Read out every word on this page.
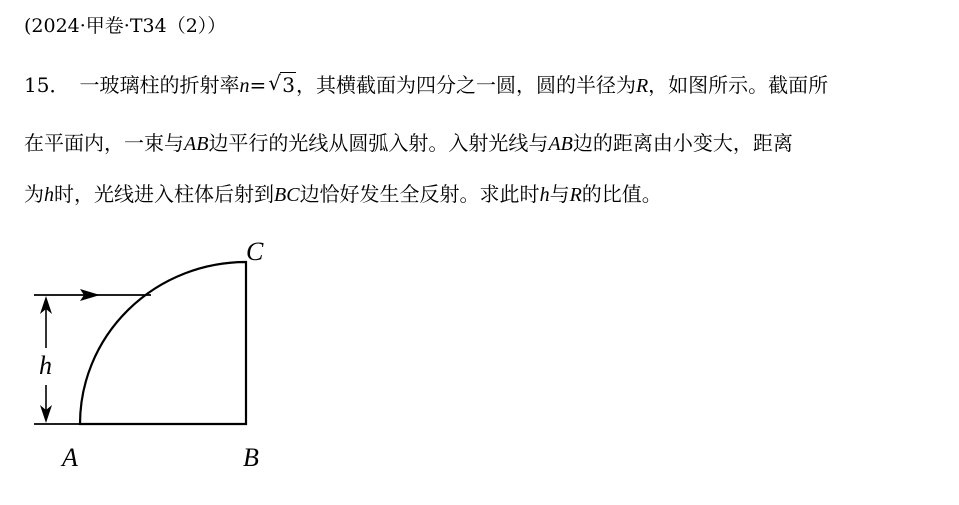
(2024·甲卷·T34（2））
15． 一玻璃柱的折射率n= √ 3，其横截面为四分之一圆，圆的半径为R，如图所示。截面所
在平面内，一束与AB边平行的光线从圆弧入射。入射光线与AB边的距离由小变大，距离
为h时，光线进入柱体后射到BC边恰好发生全反射。求此时h与R的比值。
h
A	B
C
